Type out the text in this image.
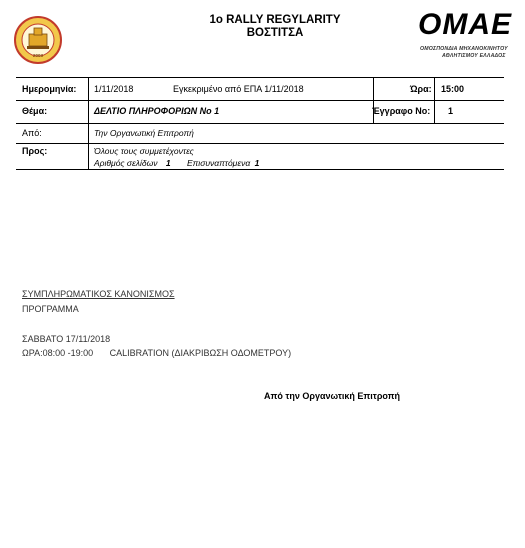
2003
1o RALLY REGYLARITY
ΒΟΣΤΙΤΣΑ	OMAE
ΟΜΟΣΠΟΝΔΙΑ ΜΗΧΑΝΟΚΙΝΗΤΟΥ
ΑΘΛΗΤΙΣΜΟΥ ΕΛΛΑΔΟΣ
Ημερομηνία: 1/11/2018	Εγκεκριμένο από ΕΠΑ 1/11/2018	Ώρα: 15:00
Θέμα:	ΔΕΛΤΙΟ ΠΛΗΡΟΦΟΡΙΩΝ Νο 1	Έγγραφο Νο: 1
Από:	Την Οργανωτική Επιτροπή
Προς:	Όλους τους συμμετέχοντες
Αριθμός σελίδων 1 Επισυναπτόμενα 1
ΣΥΜΠΛΗΡΩΜΑΤΙΚΟΣ ΚΑΝΟΝΙΣΜΟΣ
ΠΡΟΓΡΑΜΜΑ
ΣΑΒΒΑΤΟ 17/11/2018
ΩΡΑ:08:00 -19:00 CALIBRATION (ΔΙΑΚΡΙΒΩΣΗ ΟΔΟΜΕΤΡΟΥ)
Από την Οργανωτική Επιτροπή
